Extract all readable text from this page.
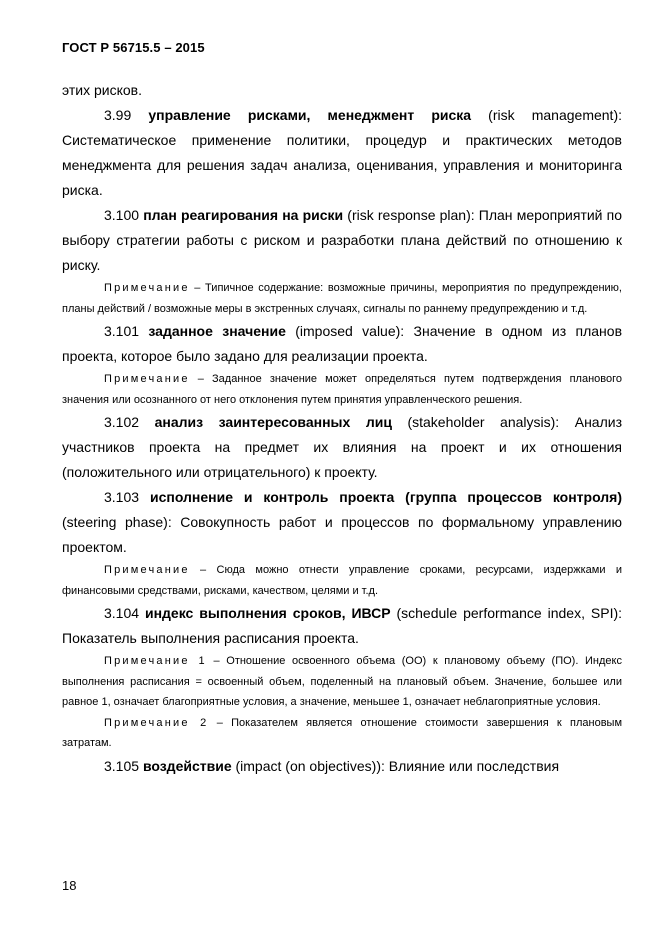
ГОСТ Р 56715.5 – 2015

этих рисков.

3.99 управление рисками, менеджмент риска (risk management): Систематическое применение политики, процедур и практических методов менеджмента для решения задач анализа, оценивания, управления и мониторинга риска.

3.100 план реагирования на риски (risk response plan): План мероприятий по выбору стратегии работы с риском и разработки плана действий по отношению к риску.

Примечание – Типичное содержание: возможные причины, мероприятия по предупреждению, планы действий / возможные меры в экстренных случаях, сигналы по раннему предупреждению и т.д.

3.101 заданное значение (imposed value): Значение в одном из планов проекта, которое было задано для реализации проекта.

Примечание – Заданное значение может определяться путем подтверждения планового значения или осознанного от него отклонения путем принятия управленческого решения.

3.102 анализ заинтересованных лиц (stakeholder analysis): Анализ участников проекта на предмет их влияния на проект и их отношения (положительного или отрицательного) к проекту.

3.103 исполнение и контроль проекта (группа процессов контроля) (steering phase): Совокупность работ и процессов по формальному управлению проектом.

Примечание – Сюда можно отнести управление сроками, ресурсами, издержками и финансовыми средствами, рисками, качеством, целями и т.д.

3.104 индекс выполнения сроков, ИВСР (schedule performance index, SPI): Показатель выполнения расписания проекта.

Примечание 1 – Отношение освоенного объема (ОО) к плановому объему (ПО). Индекс выполнения расписания = освоенный объем, поделенный на плановый объем. Значение, большее или равное 1, означает благоприятные условия, а значение, меньшее 1, означает неблагоприятные условия.

Примечание 2 – Показателем является отношение стоимости завершения к плановым затратам.

3.105 воздействие (impact (on objectives)): Влияние или последствия

18
